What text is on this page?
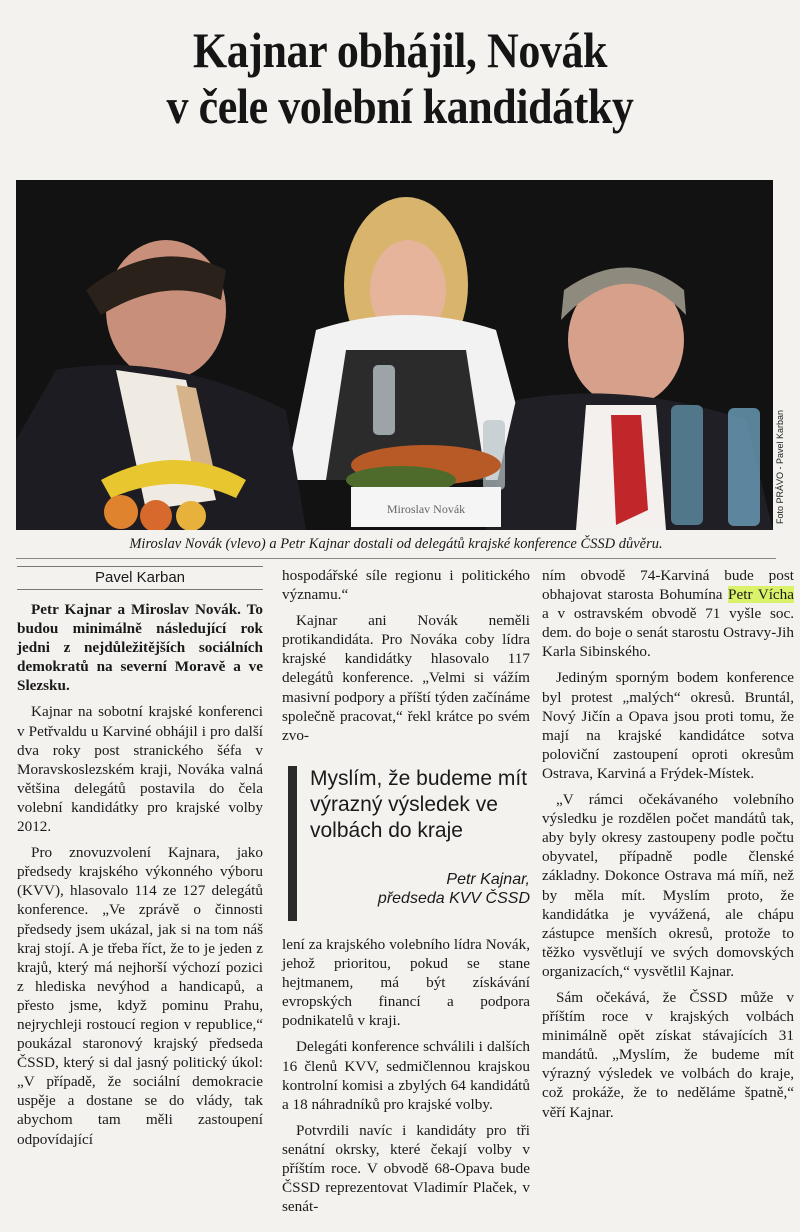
Kajnar obhájil, Novák
v čele volební kandidátky
Miroslav Novák	Foto PRÁVO - Pavel Karban
Miroslav Novák (vlevo) a Petr Kajnar dostali od delegátů krajské konference ČSSD důvěru.
Pavel Karban

Petr Kajnar a Miroslav Novák. To budou minimálně následující rok jedni z nejdůležitějších sociálních demokratů na severní Moravě a ve Slezsku.

Kajnar na sobotní krajské konferenci v Petřvaldu u Karviné obhájil i pro další dva roky post stranického šéfa v Moravskoslezském kraji, Nováka valná většina delegátů postavila do čela volební kandidátky pro krajské volby 2012.

Pro znovuzvolení Kajnara, jako předsedy krajského výkonného výboru (KVV), hlasovalo 114 ze 127 delegátů konference. „Ve zprávě o činnosti předsedy jsem ukázal, jak si na tom náš kraj stojí. A je třeba říct, že to je jeden z krajů, který má nejhorší výchozí pozici z hlediska nevýhod a handicapů, a přesto jsme, když pominu Prahu, nejrychleji rostoucí region v republice,“ poukázal staronový krajský předseda ČSSD, který si dal jasný politický úkol: „V případě, že sociální demokracie uspěje a dostane se do vlády, tak abychom tam měli zastoupení odpovídající

hospodářské síle regionu i politického významu.“

Kajnar ani Novák neměli protikandidáta. Pro Nováka coby lídra krajské kandidátky hlasovalo 117 delegátů konference. „Velmi si vážím masivní podpory a příští týden začínáme společně pracovat,“ řekl krátce po svém zvo-

Myslím, že budeme mít výrazný výsledek ve volbách do kraje
Petr Kajnar,
předseda KVV ČSSD

lení za krajského volebního lídra Novák, jehož prioritou, pokud se stane hejtmanem, má být získávání evropských financí a podpora podnikatelů v kraji.

Delegáti konference schválili i dalších 16 členů KVV, sedmičlennou krajskou kontrolní komisi a zbylých 64 kandidátů a 18 náhradníků pro krajské volby.

Potvrdili navíc i kandidáty pro tři senátní okrsky, které čekají volby v příštím roce. V obvodě 68-Opava bude ČSSD reprezentovat Vladimír Plaček, v senát-

ním obvodě 74-Karviná bude post obhajovat starosta Bohumína Petr Vícha a v ostravském obvodě 71 vyšle soc. dem. do boje o senát starostu Ostravy-Jih Karla Sibinského.

Jediným sporným bodem konference byl protest „malých“ okresů. Bruntál, Nový Jičín a Opava jsou proti tomu, že mají na krajské kandidátce sotva poloviční zastoupení oproti okresům Ostrava, Karviná a Frýdek-Místek.

„V rámci očekávaného volebního výsledku je rozdělen počet mandátů tak, aby byly okresy zastoupeny podle počtu obyvatel, případně podle členské základny. Dokonce Ostrava má míň, než by měla mít. Myslím proto, že kandidátka je vyvážená, ale chápu zástupce menších okresů, protože to těžko vysvětlují ve svých domovských organizacích,“ vysvětlil Kajnar.

Sám očekává, že ČSSD může v příštím roce v krajských volbách minimálně opět získat stávajících 31 mandátů. „Myslím, že budeme mít výrazný výsledek ve volbách do kraje, což prokáže, že to neděláme špatně,“ věří Kajnar.
